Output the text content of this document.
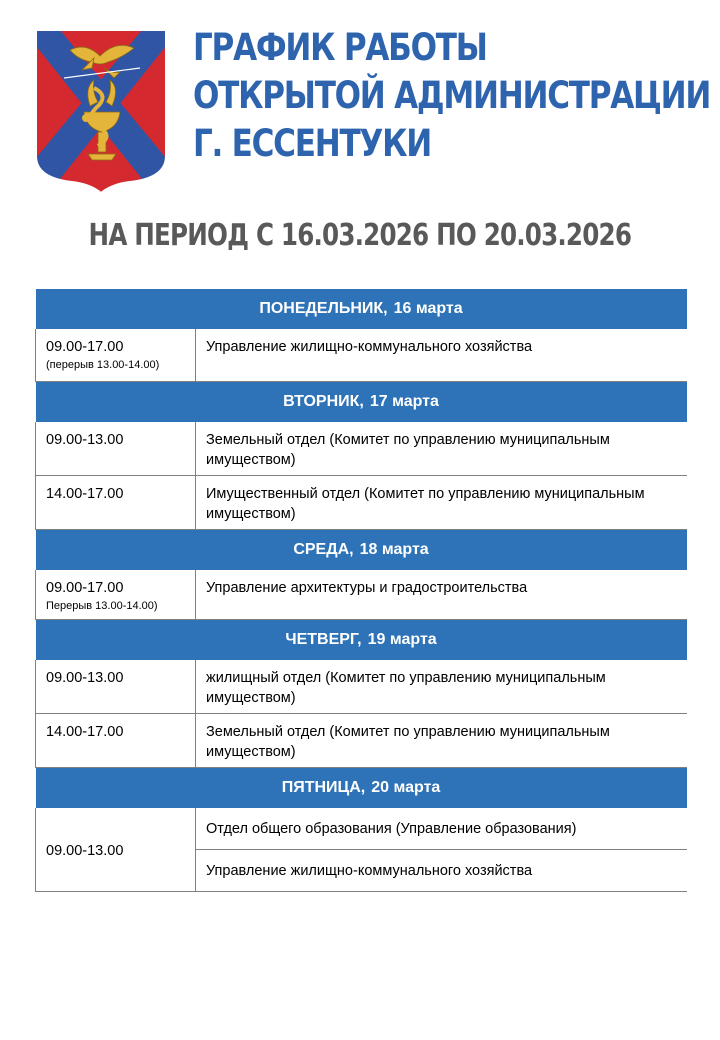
ГРАФИК РАБОТЫ
ОТКРЫТОЙ АДМИНИСТРАЦИИ
Г. ЕССЕНТУКИ
НА ПЕРИОД С 16.03.2026 ПО 20.03.2026
ПОНЕДЕЛЬНИК, 16 марта	
09.00-17.00
(перерыв 13.00-14.00)	Управление жилищно-коммунального хозяйства
ВТОРНИК, 17 марта	
09.00-13.00	Земельный отдел (Комитет по управлению муниципальным имуществом)
14.00-17.00	Имущественный отдел (Комитет по управлению муниципальным имуществом)
СРЕДА, 18 марта	
09.00-17.00
Перерыв 13.00-14.00)	Управление архитектуры и градостроительства
ЧЕТВЕРГ, 19 марта	
09.00-13.00	жилищный отдел (Комитет по управлению муниципальным имуществом)
14.00-17.00	Земельный отдел (Комитет по управлению муниципальным имуществом)
ПЯТНИЦА, 20 марта	
09.00-13.00	Отдел общего образования (Управление образования)
	Управление жилищно-коммунального хозяйства
